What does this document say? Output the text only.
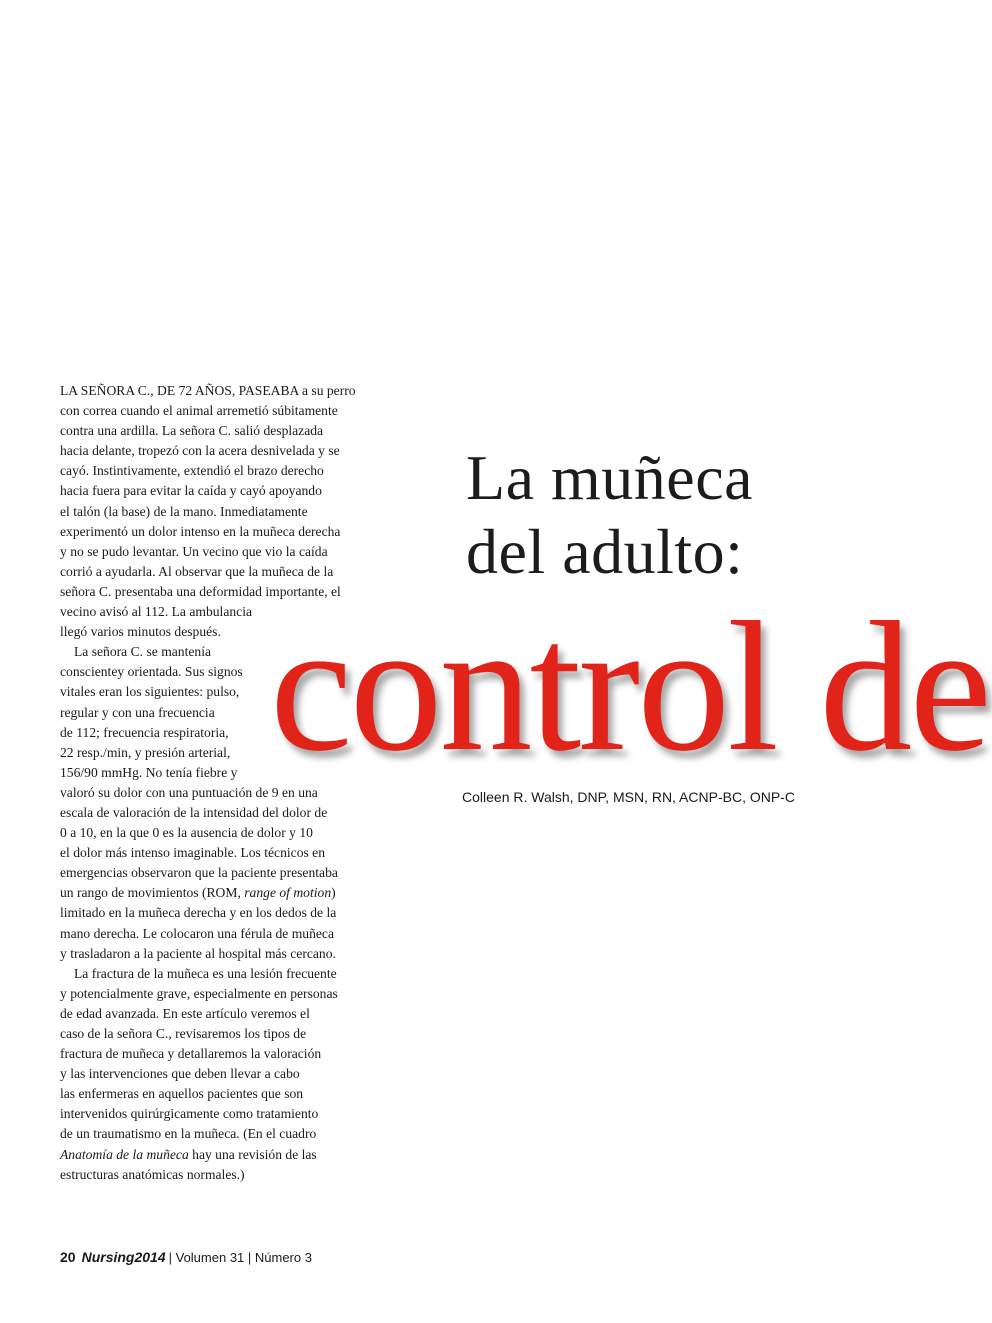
LA SEÑORA C., DE 72 AÑOS, PASEABA a su perro
con correa cuando el animal arremetió súbitamente
contra una ardilla. La señora C. salió desplazada
hacia delante, tropezó con la acera desnivelada y se
cayó. Instintivamente, extendió el brazo derecho
hacia fuera para evitar la caída y cayó apoyando
el talón (la base) de la mano. Inmediatamente
experimentó un dolor intenso en la muñeca derecha
y no se pudo levantar. Un vecino que vio la caída
corrió a ayudarla. Al observar que la muñeca de la
señora C. presentaba una deformidad importante, el
vecino avisó al 112. La ambulancia
llegó varios minutos después.
La señora C. se mantenía
conscientey orientada. Sus signos
vitales eran los siguientes: pulso,
regular y con una frecuencia
de 112; frecuencia respiratoria,
22 resp./min, y presión arterial,
156/90 mmHg. No tenía fiebre y
valoró su dolor con una puntuación de 9 en una
escala de valoración de la intensidad del dolor de
0 a 10, en la que 0 es la ausencia de dolor y 10
el dolor más intenso imaginable. Los técnicos en
emergencias observaron que la paciente presentaba
un rango de movimientos (ROM, range of motion)
limitado en la muñeca derecha y en los dedos de la
mano derecha. Le colocaron una férula de muñeca
y trasladaron a la paciente al hospital más cercano.
La fractura de la muñeca es una lesión frecuente
y potencialmente grave, especialmente en personas
de edad avanzada. En este artículo veremos el
caso de la señora C., revisaremos los tipos de
fractura de muñeca y detallaremos la valoración
y las intervenciones que deben llevar a cabo
las enfermeras en aquellos pacientes que son
intervenidos quirúrgicamente como tratamiento
de un traumatismo en la muñeca. (En el cuadro
Anatomía de la muñeca hay una revisión de las
estructuras anatómicas normales.)
La muñeca
del adulto:
control de
Colleen R. Walsh, DNP, MSN, RN, ACNP-BC, ONP-C
20 Nursing2014 | Volumen 31 | Número 3
